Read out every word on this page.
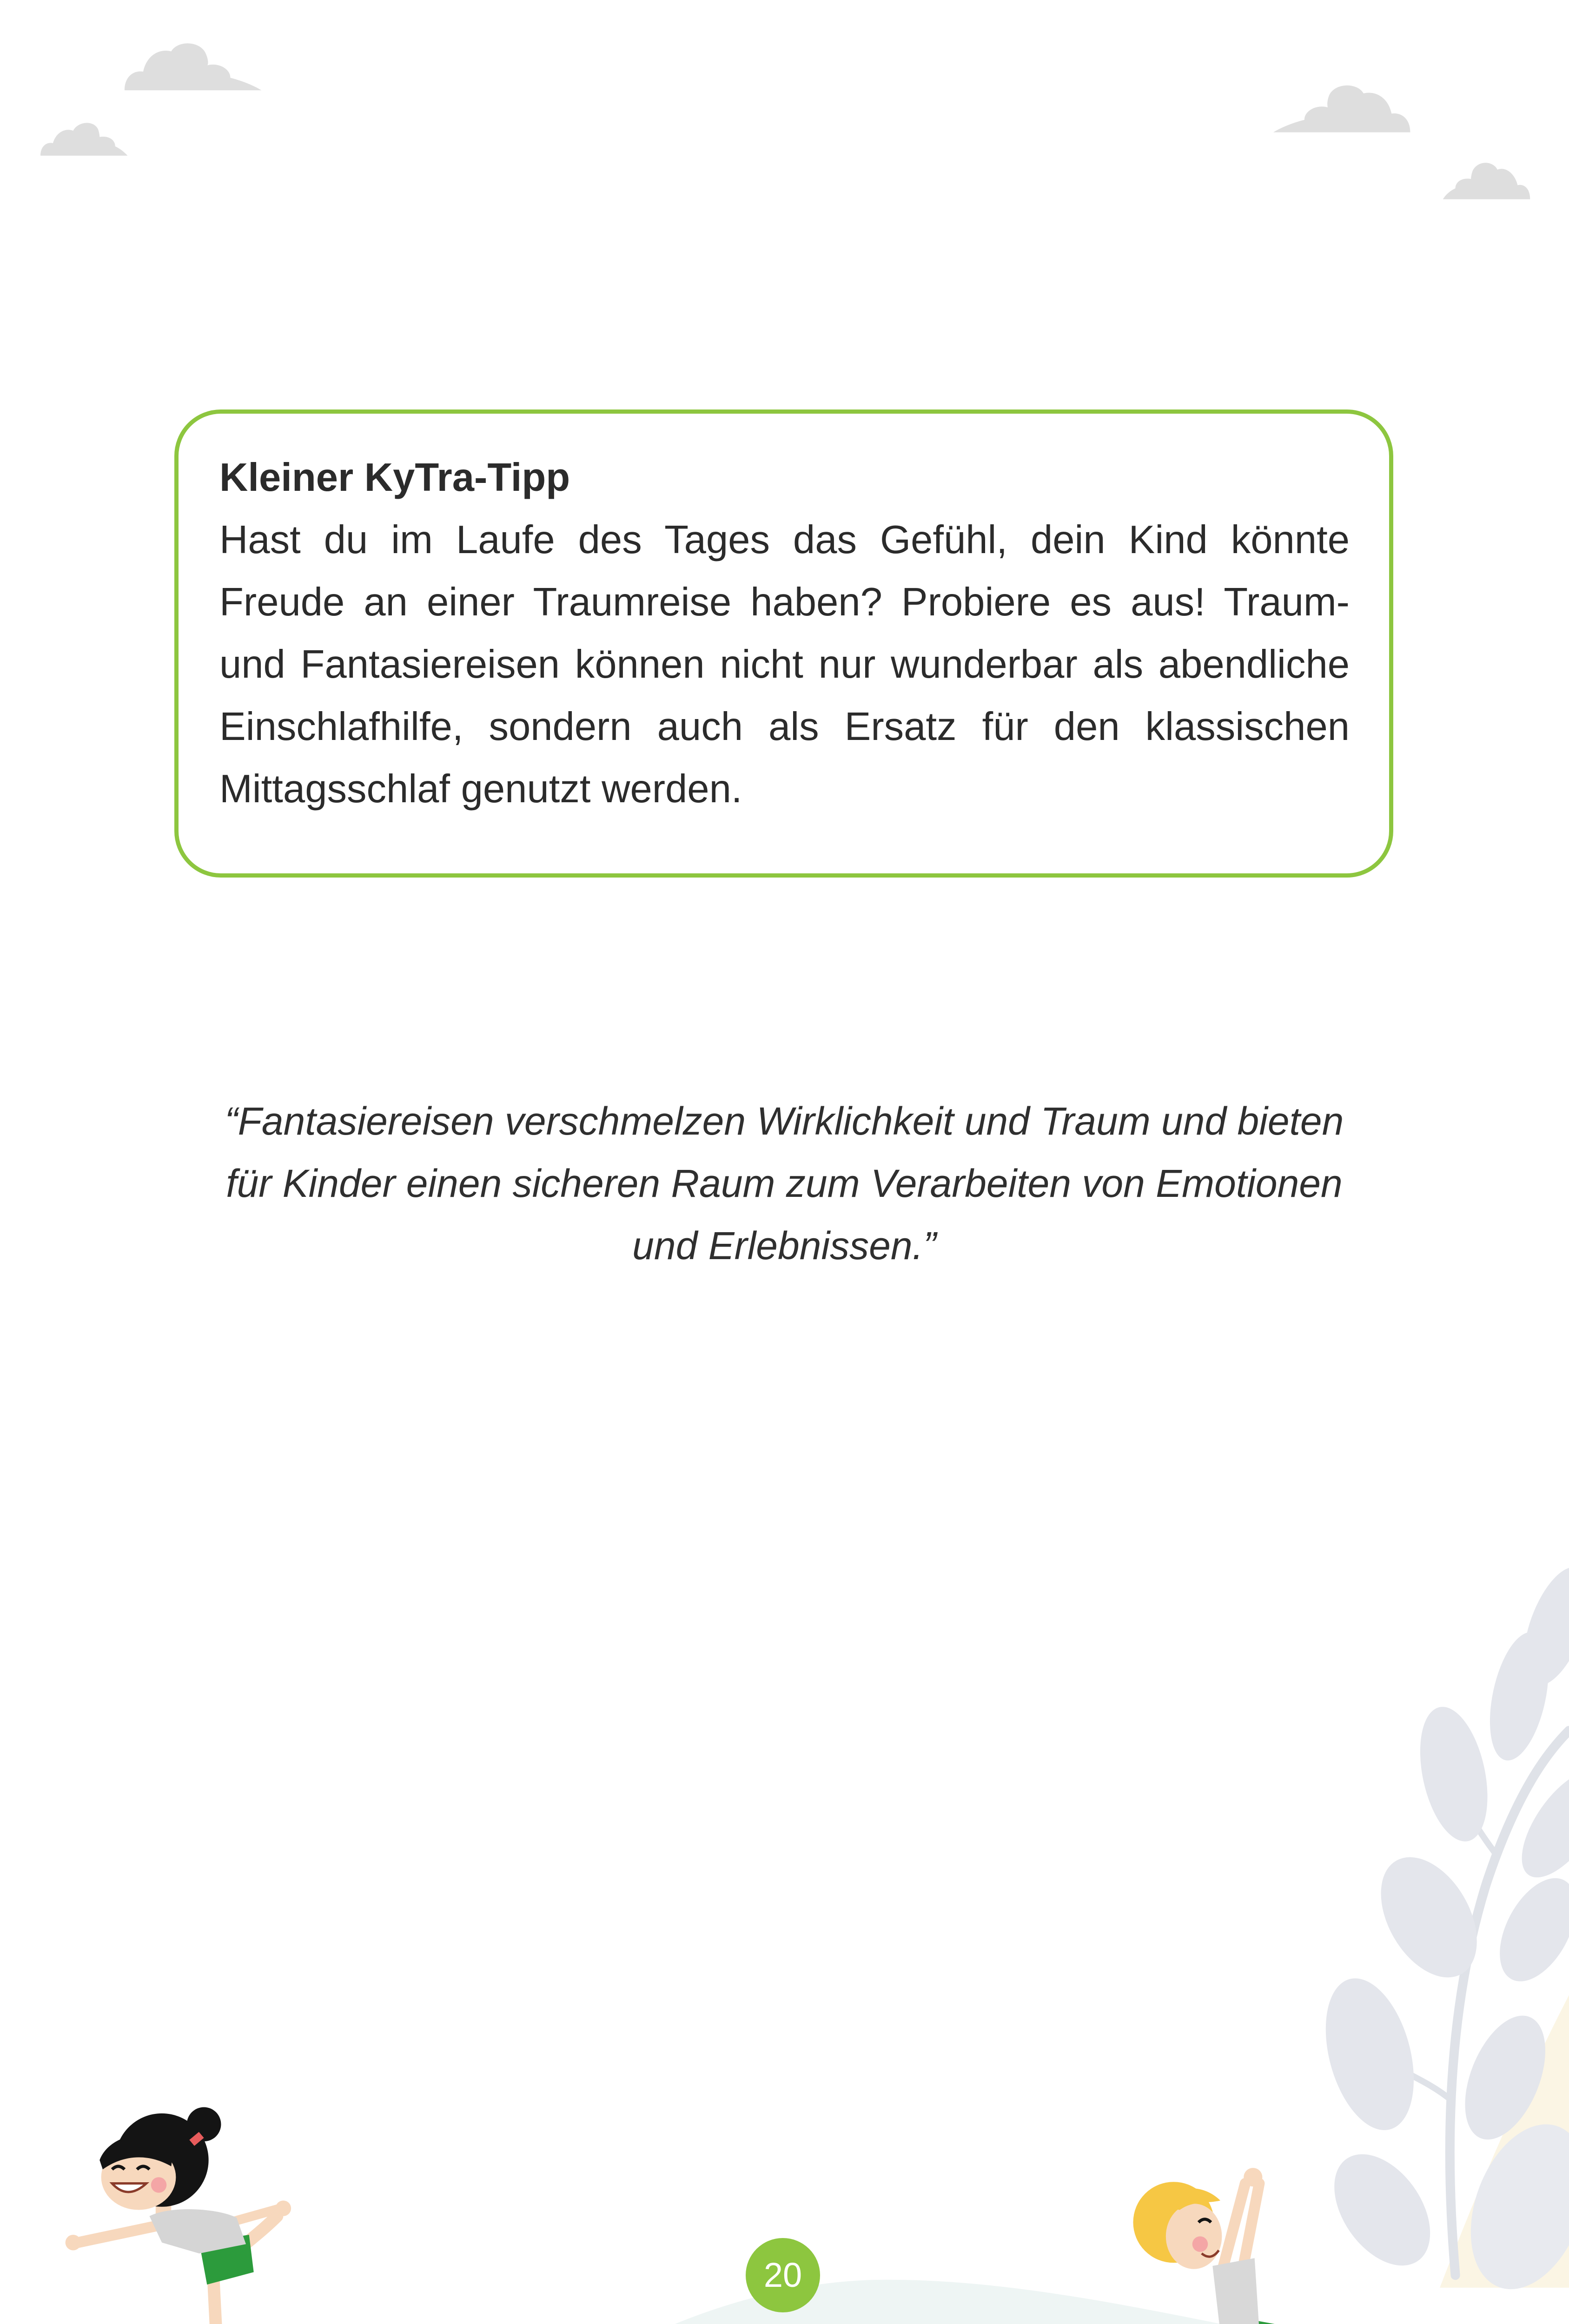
Kleiner KyTra-Tipp
Hast du im Laufe des Tages das Gefühl, dein Kind könnte
Freude an einer Traumreise haben? Probiere es aus! Traum-
und Fantasiereisen können nicht nur wunderbar als abendliche
Einschlafhilfe, sondern auch als Ersatz für den klassischen
Mittagsschlaf genutzt werden.
“Fantasiereisen verschmelzen Wirklichkeit und Traum und bieten
für Kinder einen sicheren Raum zum Verarbeiten von Emotionen
und Erlebnissen.”
20
